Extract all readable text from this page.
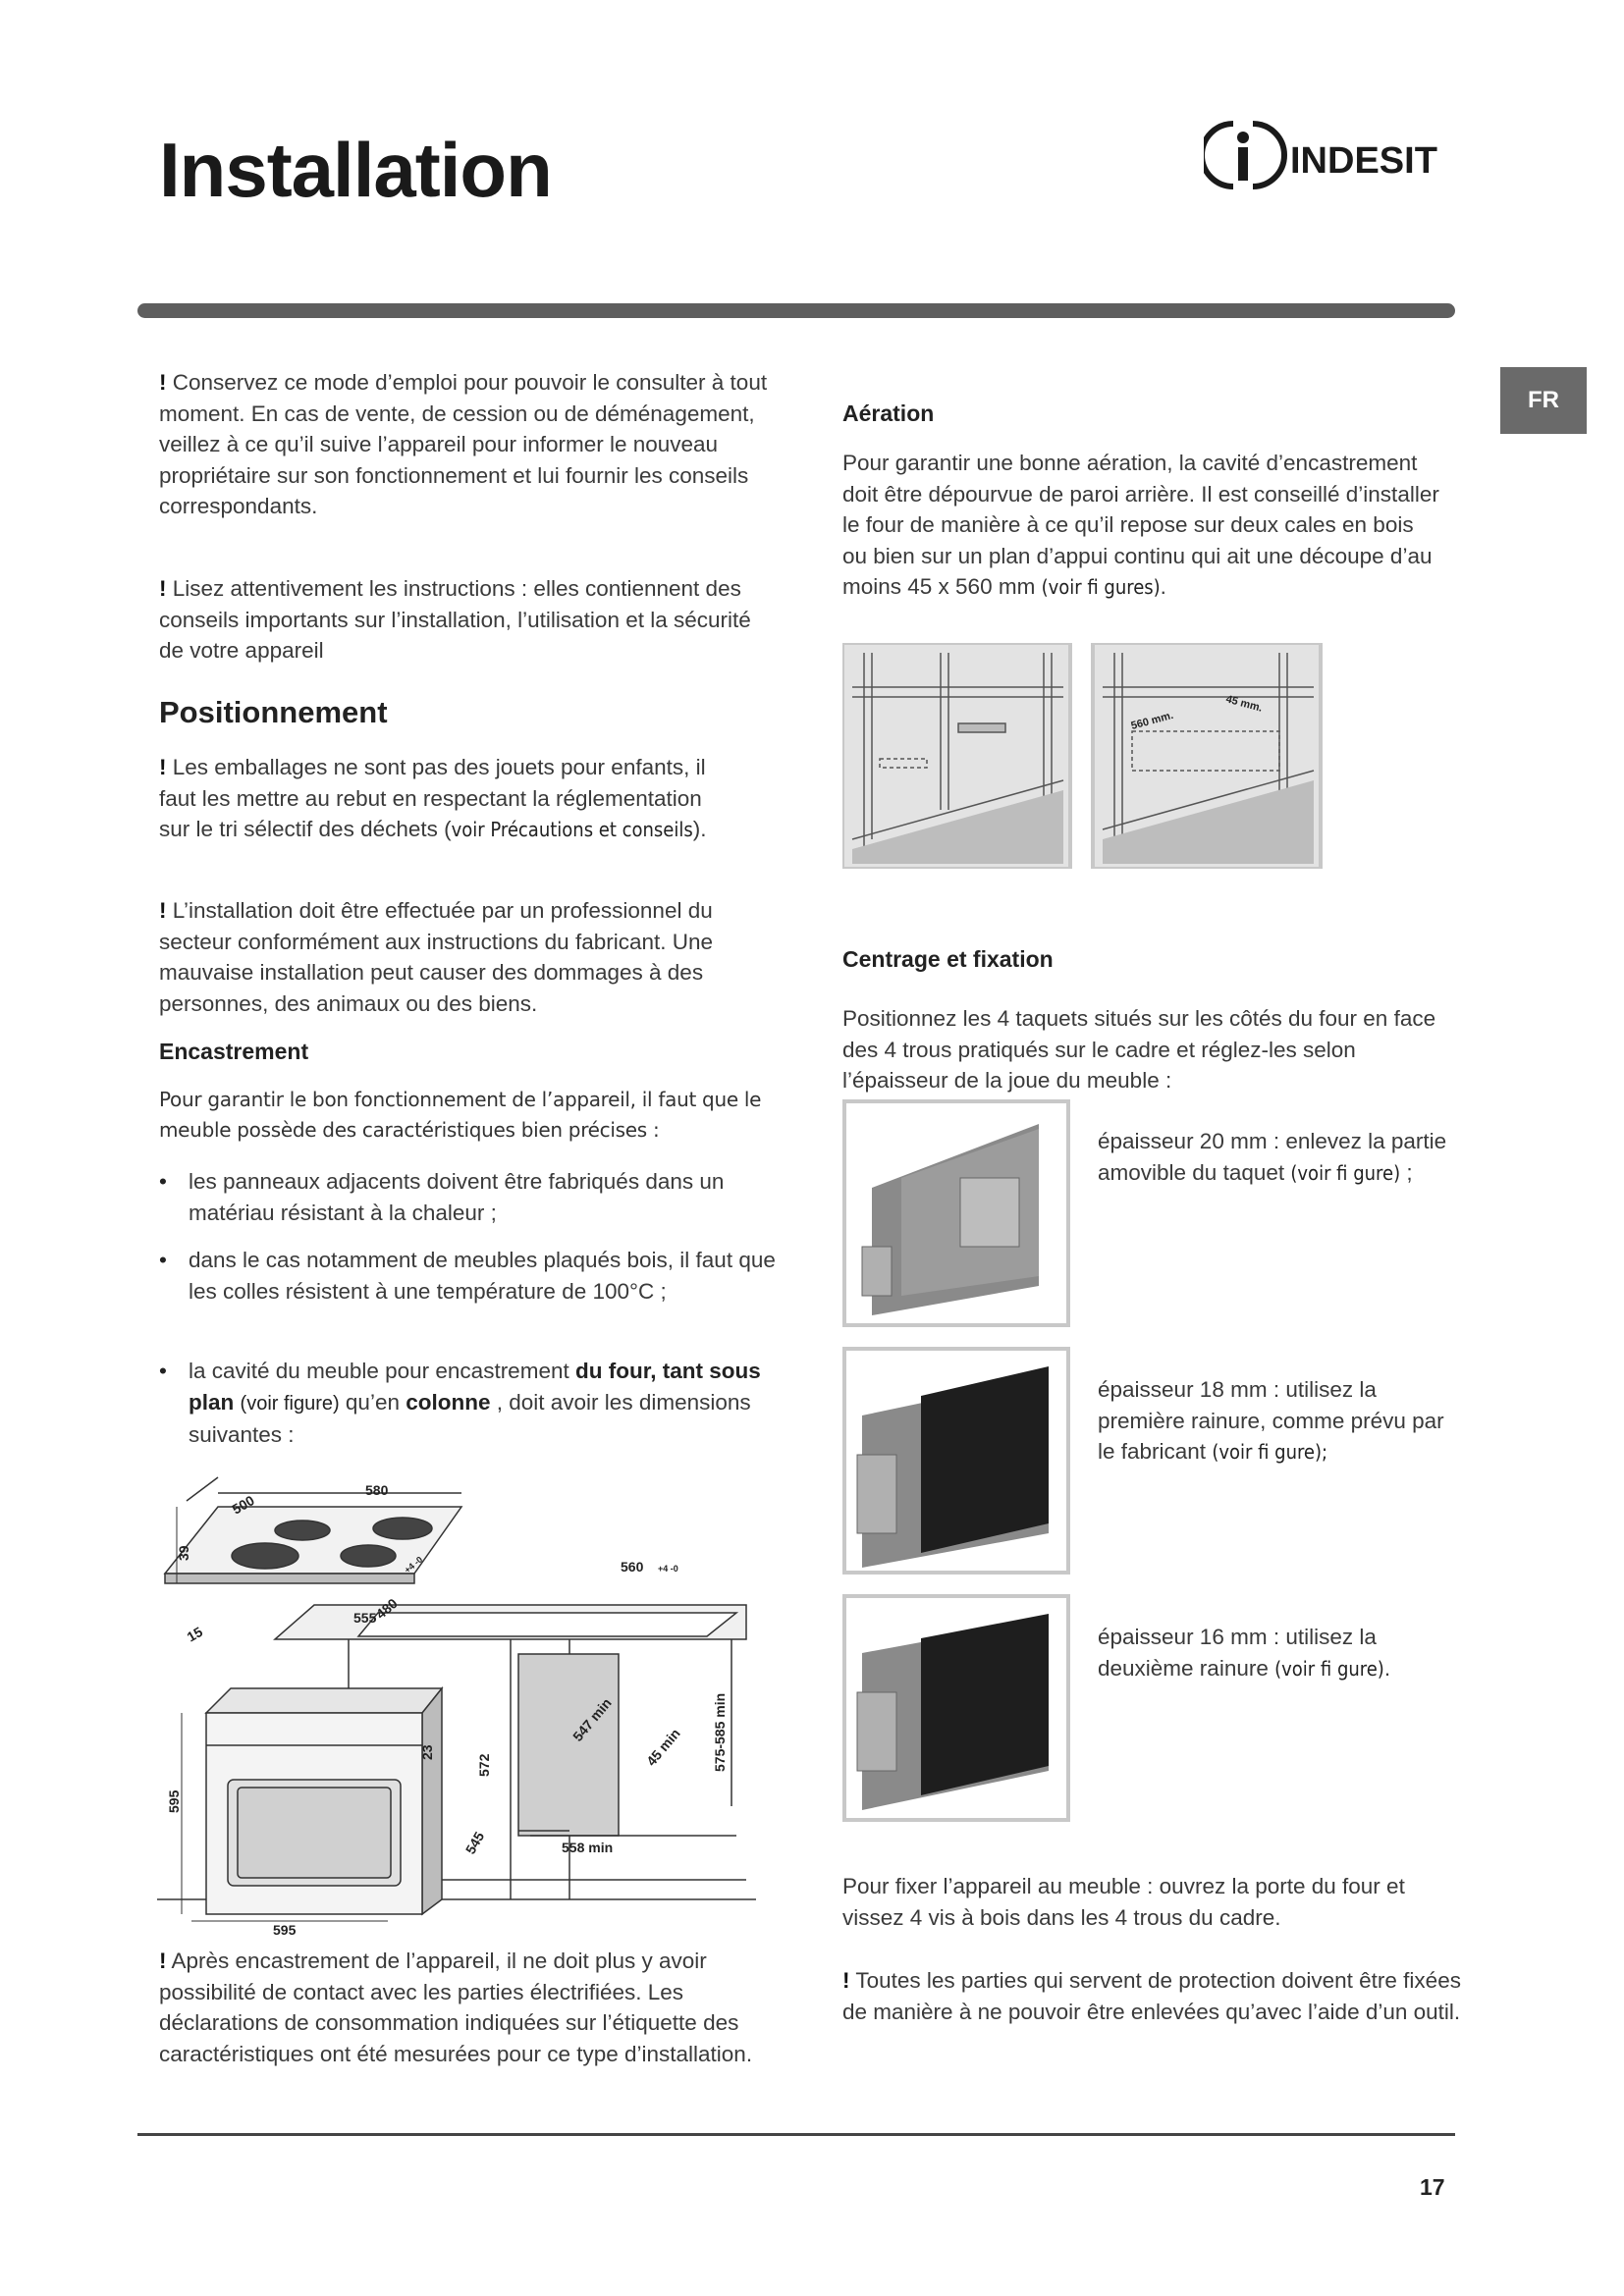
Installation	INDESIT
FR
! Conservez ce mode d’emploi pour pouvoir le consulter à tout moment. En cas de vente, de cession ou de déménagement, veillez à ce qu’il suive l’appareil pour informer le nouveau propriétaire sur son fonctionnement et lui fournir les conseils correspondants.
! Lisez attentivement les instructions : elles contiennent des conseils importants sur l’installation, l’utilisation et la sécurité de votre appareil
Positionnement
! Les emballages ne sont pas des jouets pour enfants, il faut les mettre au rebut en respectant la réglementation sur le tri sélectif des déchets (voir Précautions et conseils).
! L’installation doit être effectuée par un professionnel du secteur conformément aux instructions du fabricant. Une mauvaise installation peut causer des dommages à des personnes, des animaux ou des biens.
Encastrement
Pour garantir le bon fonctionnement de l’appareil, il faut que le meuble possède des caractéristiques bien précises :
• les panneaux adjacents doivent être fabriqués dans un matériau résistant à la chaleur ;
• dans le cas notamment de meubles plaqués bois, il faut que les colles résistent à une température de 100°C ;
• la cavité du meuble pour encastrement du four, tant sous plan (voir figure) qu’en colonne , doit avoir les dimensions suivantes :
580
500
39
15
480
+4 -0	560 +4 -0
547 min
45 min 575-585 min
558 min
555
23
572
545
595
595
! Après encastrement de l’appareil, il ne doit plus y avoir possibilité de contact avec les parties électrifiées. Les déclarations de consommation indiquées sur l’étiquette des caractéristiques ont été mesurées pour ce type d’installation.
Aération
Pour garantir une bonne aération, la cavité d’encastrement doit être dépourvue de paroi arrière. Il est conseillé d’installer le four de manière à ce qu’il repose sur deux cales en bois ou bien sur un plan d’appui continu qui ait une découpe d’au moins 45 x 560 mm (voir fi gures).
560 mm.
45 mm.
Centrage et fixation
Positionnez les 4 taquets situés sur les côtés du four en face des 4 trous pratiqués sur le cadre et réglez-les selon l’épaisseur de la joue du meuble :
épaisseur 20 mm : enlevez la partie amovible du taquet (voir fi gure) ;
épaisseur 18 mm : utilisez la première rainure, comme prévu par le fabricant (voir fi gure);
épaisseur 16 mm : utilisez la deuxième rainure (voir fi gure).
Pour fixer l’appareil au meuble : ouvrez la porte du four et vissez 4 vis à bois dans les 4 trous du cadre.
! Toutes les parties qui servent de protection doivent être fixées de manière à ne pouvoir être enlevées qu’avec l’aide d’un outil.
17
